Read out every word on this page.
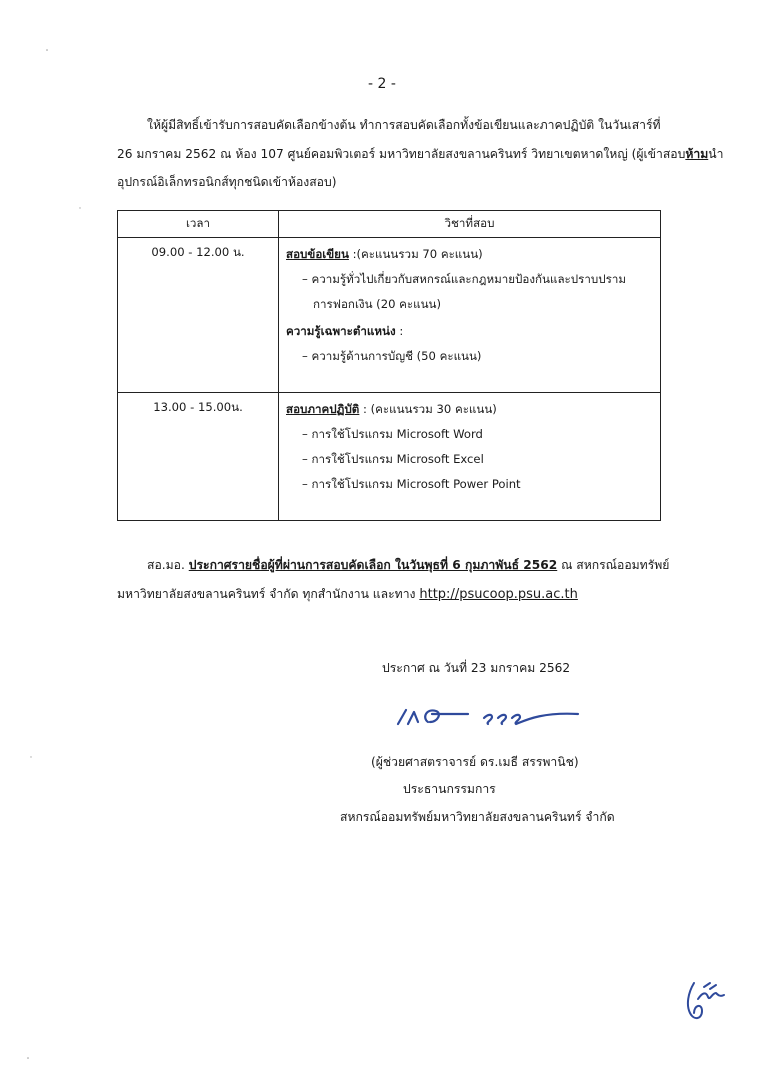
- 2 -
ให้ผู้มีสิทธิ์เข้ารับการสอบคัดเลือกข้างต้น ทำการสอบคัดเลือกทั้งข้อเขียนและภาคปฏิบัติ ในวันเสาร์ที่
26 มกราคม 2562 ณ ห้อง 107 ศูนย์คอมพิวเตอร์ มหาวิทยาลัยสงขลานครินทร์ วิทยาเขตหาดใหญ่ (ผู้เข้าสอบห้ามนำ
อุปกรณ์อิเล็กทรอนิกส์ทุกชนิดเข้าห้องสอบ)
เวลา	วิชาที่สอบ
09.00 - 12.00 น.	สอบข้อเขียน :(คะแนนรวม 70 คะแนน)
– ความรู้ทั่วไปเกี่ยวกับสหกรณ์และกฎหมายป้องกันและปราบปราม
การฟอกเงิน (20 คะแนน)
ความรู้เฉพาะตำแหน่ง :
– ความรู้ด้านการบัญชี (50 คะแนน)

13.00 - 15.00น.	สอบภาคปฏิบัติ : (คะแนนรวม 30 คะแนน)
– การใช้โปรแกรม Microsoft Word
– การใช้โปรแกรม Microsoft Excel
– การใช้โปรแกรม Microsoft Power Point
สอ.มอ. ประกาศรายชื่อผู้ที่ผ่านการสอบคัดเลือก ในวันพุธที่ 6 กุมภาพันธ์ 2562 ณ สหกรณ์ออมทรัพย์
มหาวิทยาลัยสงขลานครินทร์ จำกัด ทุกสำนักงาน และทาง http://psucoop.psu.ac.th
ประกาศ ณ วันที่ 23 มกราคม 2562
(ผู้ช่วยศาสตราจารย์ ดร.เมธี สรรพานิช)
ประธานกรรมการ
สหกรณ์ออมทรัพย์มหาวิทยาลัยสงขลานครินทร์ จำกัด
